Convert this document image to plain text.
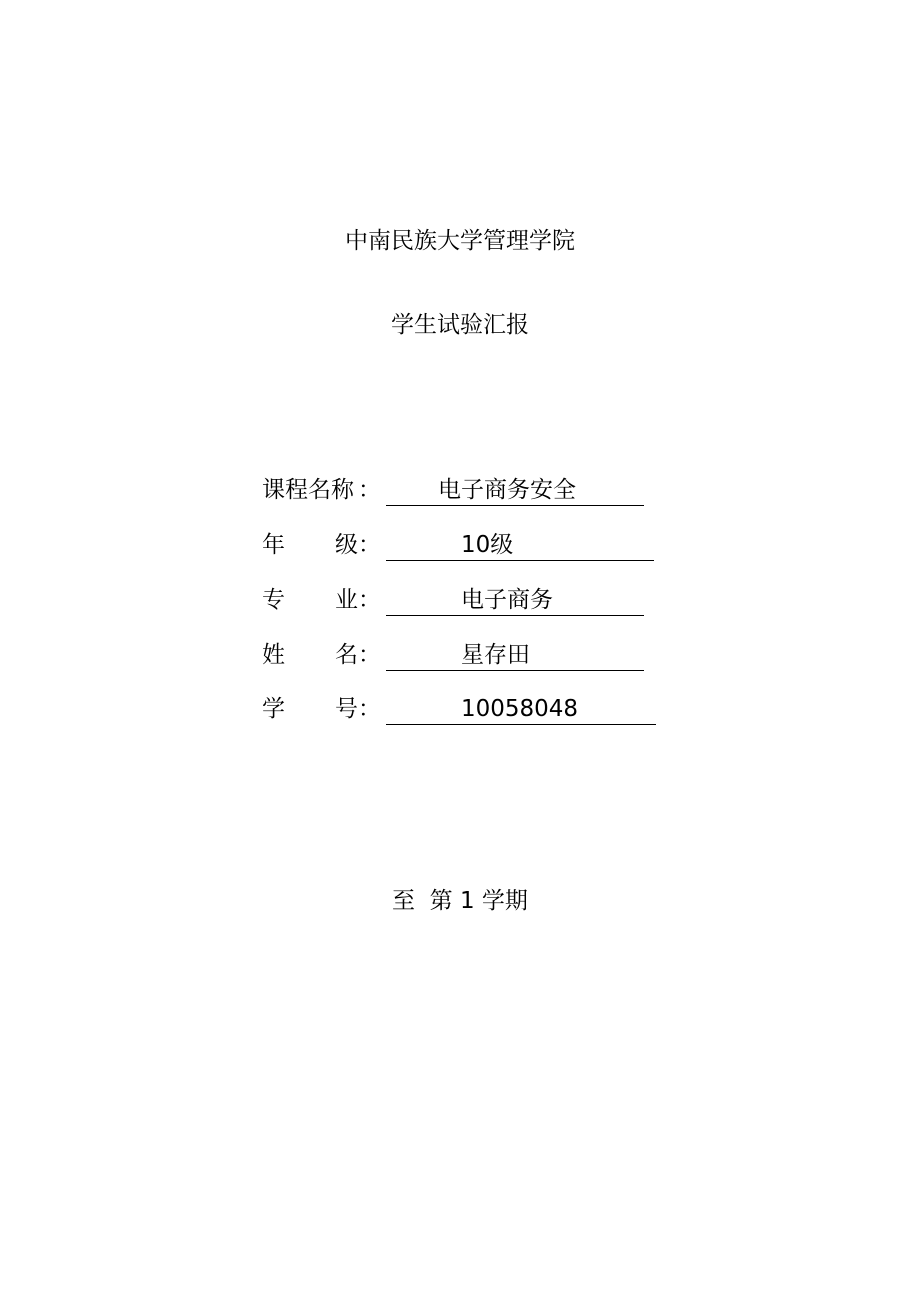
中南民族大学管理学院
学生试验汇报
课程名称 ： 电子商务安全
年 级 ：	10级
专 业 ：	电子商务
姓 名 ：	星存田
学 号 ：	10058048
至  第 1 学期
